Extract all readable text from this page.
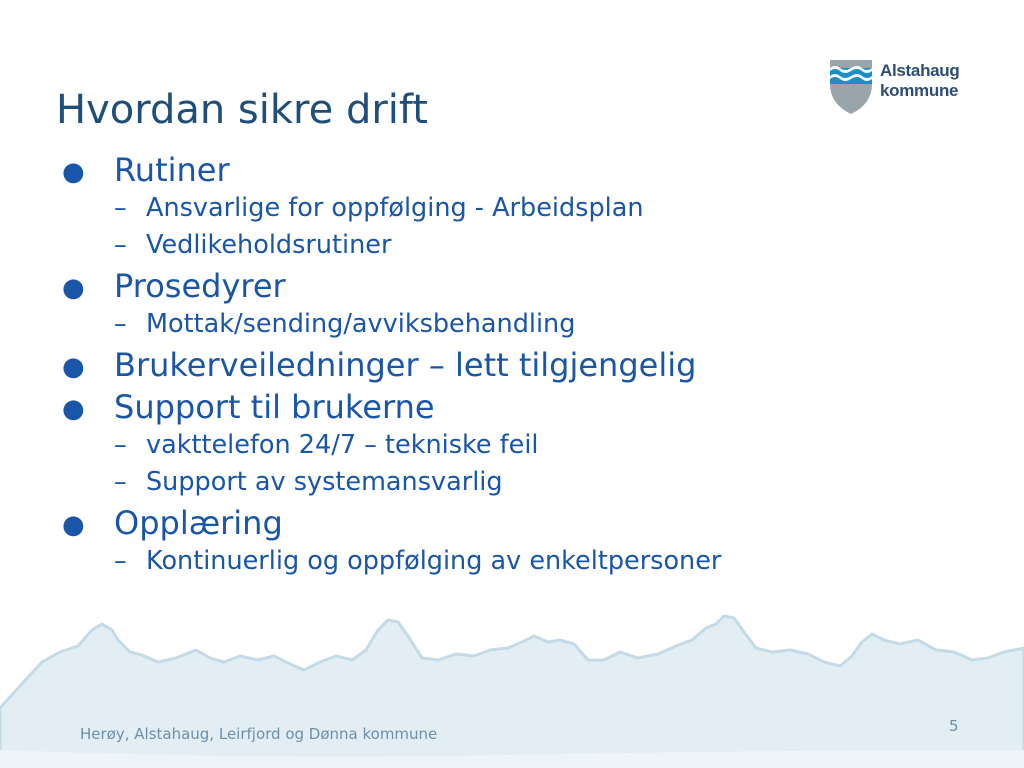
Alstahaug
kommune
Hvordan sikre drift
● Rutiner
– Ansvarlige for oppfølging - Arbeidsplan
– Vedlikeholdsrutiner
● Prosedyrer
– Mottak/sending/avviksbehandling
● Brukerveiledninger – lett tilgjengelig
● Support til brukerne
– vakttelefon 24/7 – tekniske feil
– Support av systemansvarlig
● Opplæring
– Kontinuerlig og oppfølging av enkeltpersoner
Herøy, Alstahaug, Leirfjord og Dønna kommune	5
